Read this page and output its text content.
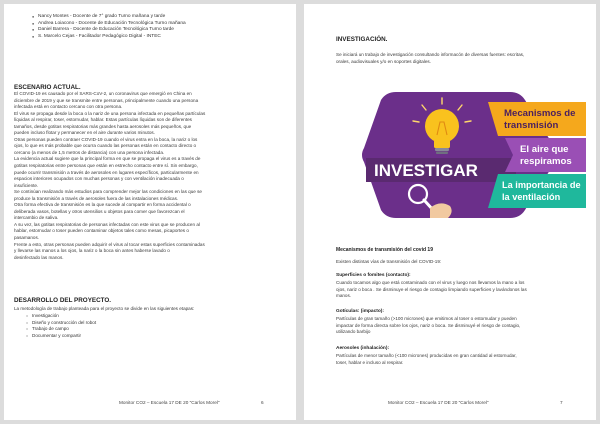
● Nancy Montes - Docente de 7° grado Turno mañana y tarde
● Andrea Loiacono - Docente de Educación Tecnológica Turno mañana
● Daniel Barrera - Docente de Educación Tecnológica Turno tarde
● S. Marcelo Cejas - Facilitador Pedagógico Digital - INTEC
ESCENARIO ACTUAL.
El COVID-19 es causado por el SARS-CoV-2, un coronavirus que emergió en China en
diciembre de 2019 y que se transmite entre personas, principalmente cuando una persona
infectada está en contacto cercano con otra persona.
El virus se propaga desde la boca o la nariz de una persona infectada en pequeñas partículas
líquidas al respirar, toser, estornudar, hablar. Estas partículas líquidas son de diferentes
tamaños, desde gotitas respiratorias más grandes hasta aerosoles más pequeños, que
pueden incluso flotar y permanecer en el aire durante varios minutos.
Otras personas pueden contraer COVID-19 cuando el virus entra en la boca, la nariz o los
ojos, lo que es más probable que ocurra cuando las personas están en contacto directo o
cercano (a menos de 1,5 metros de distancia) con una persona infectada.
La evidencia actual sugiere que la principal forma en que se propaga el virus es a través de
gotitas respiratorias entre personas que están en estrecho contacto entre sí. Sin embargo,
puede ocurrir transmisión a través de aerosoles en lugares específicos, particularmente en
espacios interiores ocupados con muchas personas y con ventilación inadecuada o
insuficiente.
Se continúan realizando más estudios para comprender mejor las condiciones en las que se
produce la transmisión a través de aerosoles fuera de las instalaciones médicas.
Otra forma efectiva de transmisión es la que sucede al compartir en forma accidental o
deliberada vasos, botellas y otros utensilios u objetos para comer que favorezcan el
intercambio de saliva.
A su vez, las gotitas respiratorias de personas infectadas con este virus que se producen al
hablar, estornudar o toser pueden contaminar objetos tales como mesas, picaportes o
pasamanos.
Frente a esto, otras personas pueden adquirir el virus al tocar estas superficies contaminadas
y llevarse las manos a los ojos, la nariz o la boca sin antes haberse lavado o
desinfectado las manos.
DESARROLLO DEL PROYECTO.
La metodología de trabajo planteada para el proyecto se divide en las siguientes etapas:
○ Investigación
○ Diseño y construcción del robot
○ Trabajo de campo
○ Documentar y compartir
Monitor CO2 – Escuela 17 DE 20 "Carlos Morel"	6
INVESTIGACIÓN.
Se iniciará un trabajo de investigación consultando informacón de diversas fuentes: escritas,
orales, audiovisuales y/o en soportes digitales.
INVESTIGAR
Mecanismos de
transmisión
El aire que
respiramos
La importancia de
la ventilación
Mecanismos de transmisión del covid 19
Existen distintas vías de transmisión del COVID-19:
Superficies o fomites (contacto):
Cuando tocamos algo que está contaminado con el virus y luego nos llevamos la mano a los
ojos, nariz o boca . Se disminuye el riesgo de contagio limpiando superficies y lavándonos las
manos.
Gotículas: (impacto):
Partículas de gran tamaño (>100 micrones) que emitimos al toser o estornudar y pueden
impactar de forma directa sobre los ojos, nariz o boca. Se disminuyé el riesgo de contagio,
utilizando barbijo
Aerosoles (inhalación):
Partículas de menor tamaño (<100 micrones) producidas en gran cantidad al estornudar,
toser, hablar e incluso al respirar.
Monitor CO2 – Escuela 17 DE 20 "Carlos Morel"	7
